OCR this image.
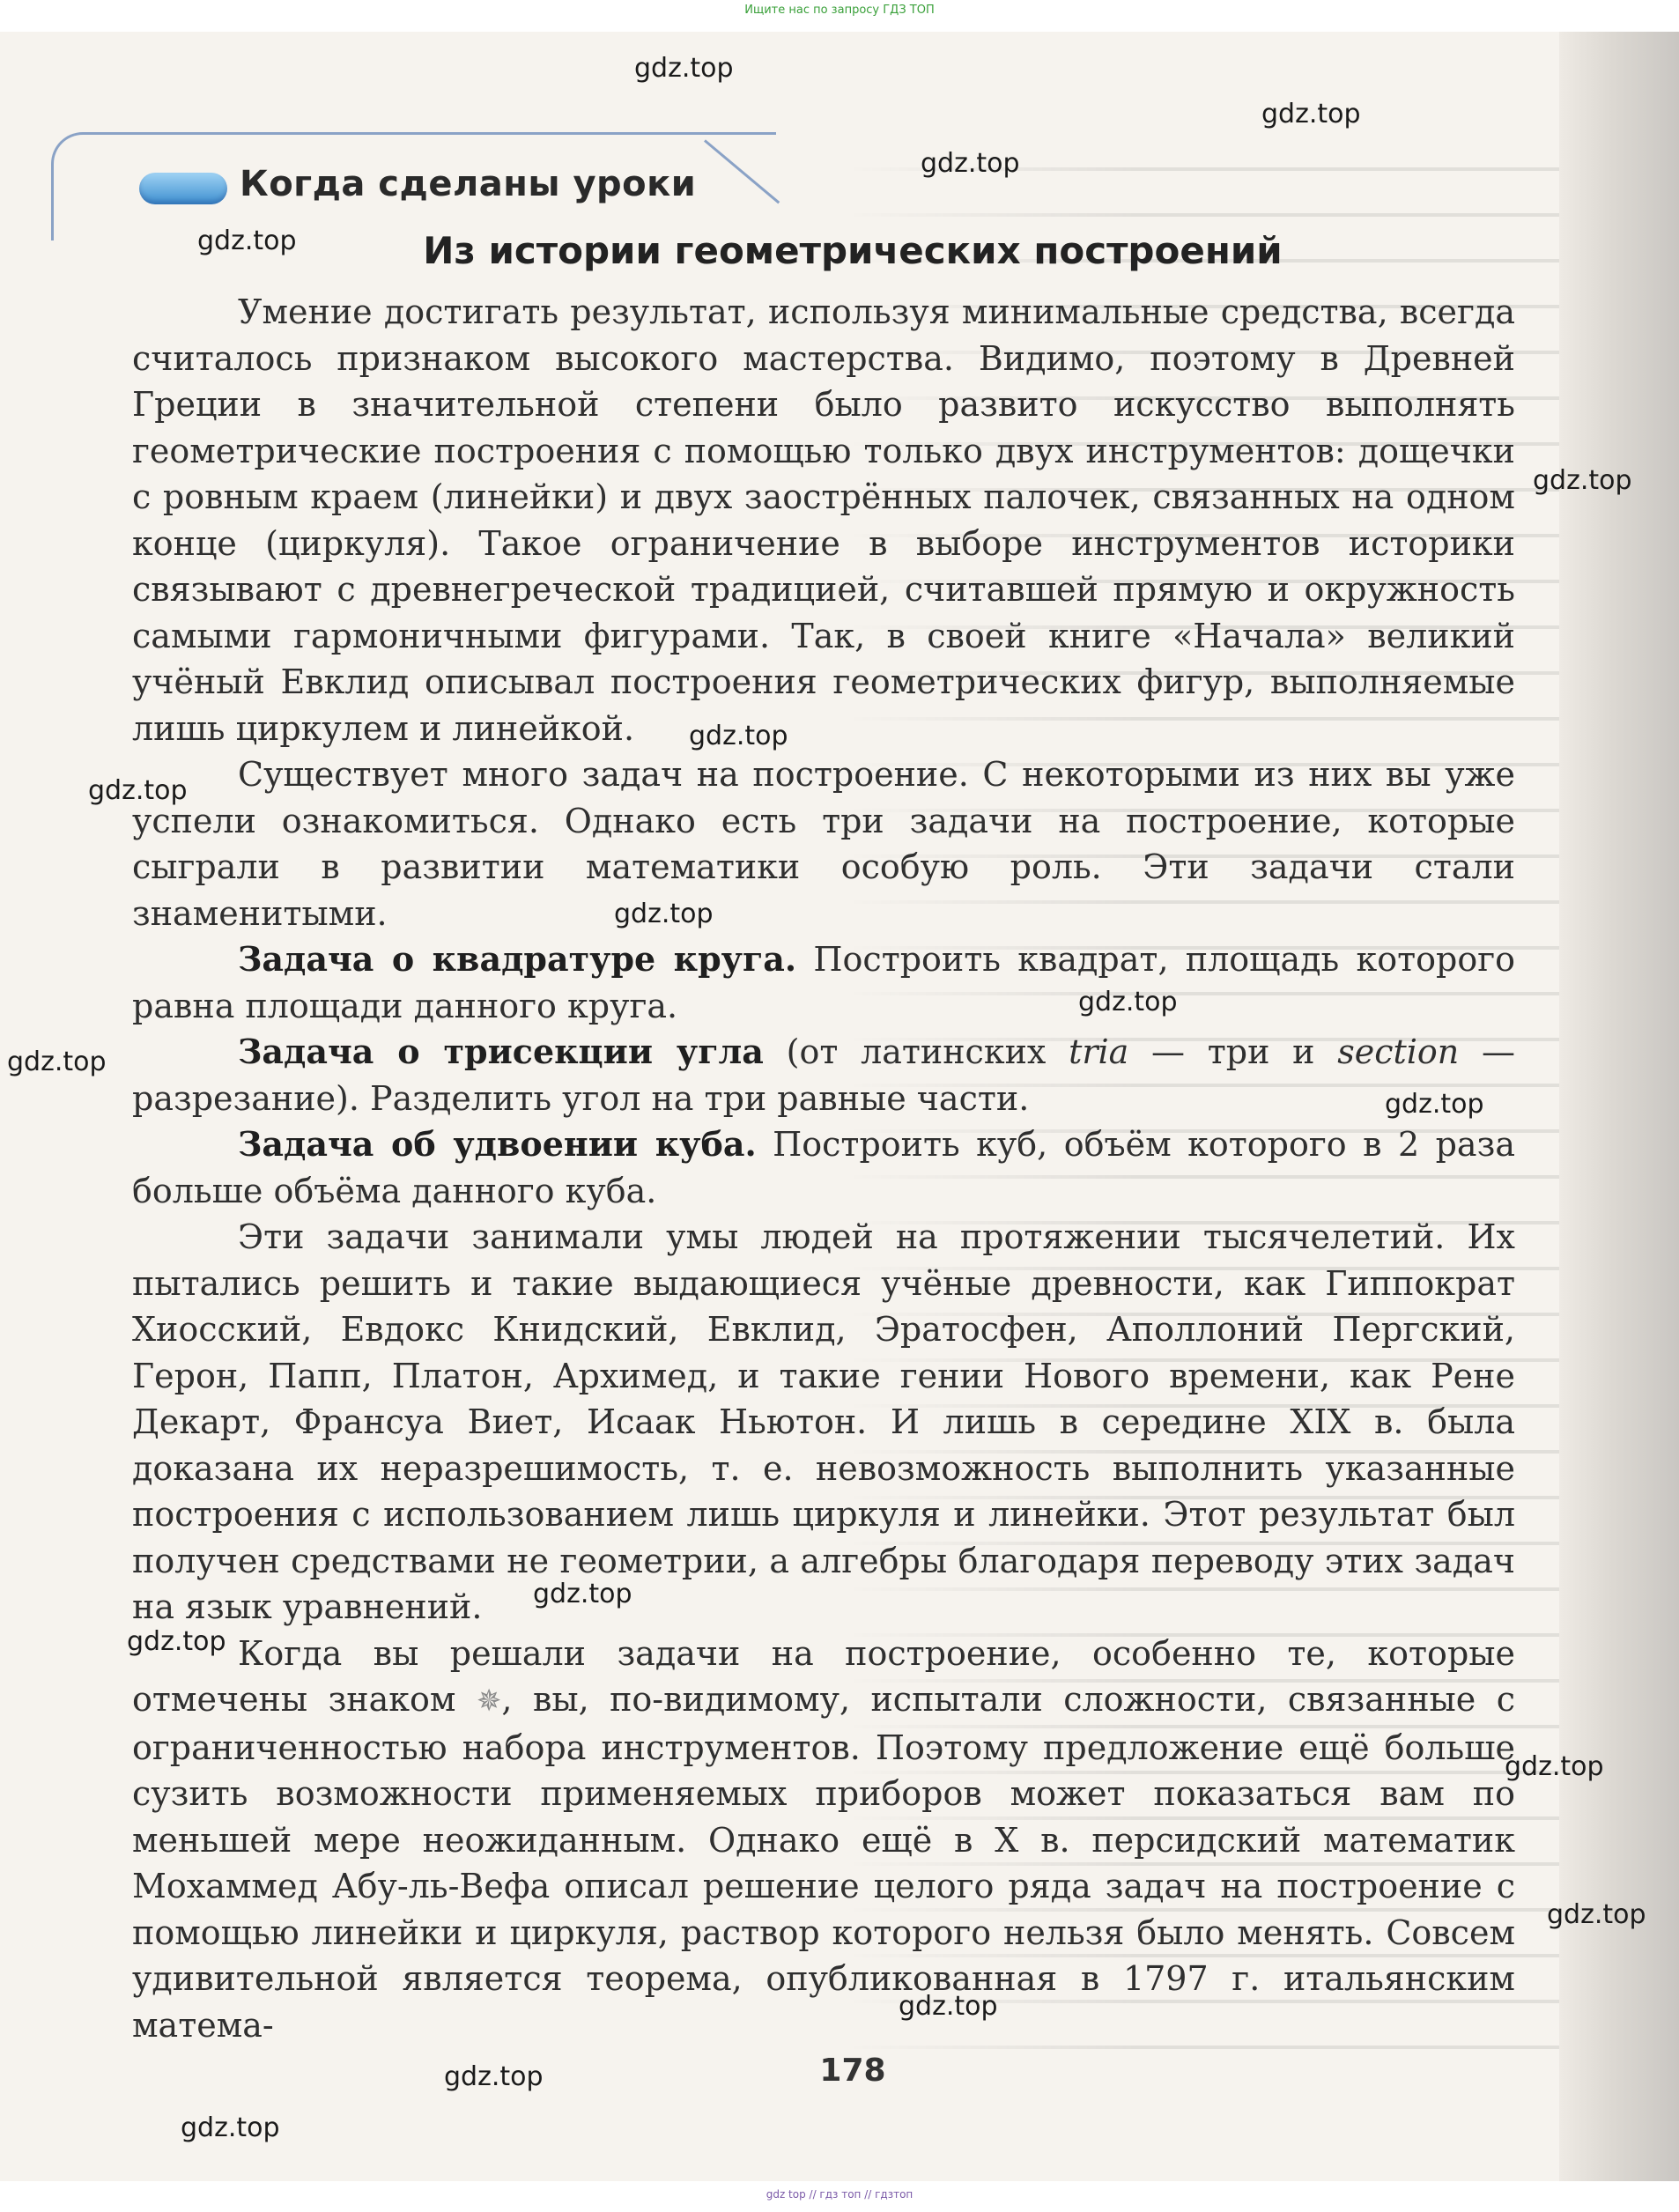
Ищите нас по запросу ГДЗ ТОП
Когда сделаны уроки
Из истории геометрических построений

Умение достигать результат, используя минимальные средства, всегда считалось признаком высокого мастерства. Видимо, поэтому в Древней Греции в значительной степени было развито искусство выполнять геометрические построения с помощью только двух инструментов: дощечки с ровным краем (линейки) и двух заострённых палочек, связанных на одном конце (циркуля). Такое ограничение в выборе инструментов историки связывают с древнегреческой традицией, считавшей прямую и окружность самыми гармоничными фигурами. Так, в своей книге «Начала» великий учёный Евклид описывал построения геометрических фигур, выполняемые лишь циркулем и линейкой.

Существует много задач на построение. С некоторыми из них вы уже успели ознакомиться. Однако есть три задачи на построение, которые сыграли в развитии математики особую роль. Эти задачи стали знаменитыми.

Задача о квадратуре круга. Построить квадрат, площадь которого равна площади данного круга.

Задача о трисекции угла (от латинских tria — три и section — разрезание). Разделить угол на три равные части.

Задача об удвоении куба. Построить куб, объём которого в 2 раза больше объёма данного куба.

Эти задачи занимали умы людей на протяжении тысячелетий. Их пытались решить и такие выдающиеся учёные древности, как Гиппократ Хиосский, Евдокс Книдский, Евклид, Эратосфен, Аполлоний Пергский, Герон, Папп, Платон, Архимед, и такие гении Нового времени, как Рене Декарт, Франсуа Виет, Исаак Ньютон. И лишь в середине XIX в. была доказана их неразрешимость, т. е. невозможность выполнить указанные построения с использованием лишь циркуля и линейки. Этот результат был получен средствами не геометрии, а алгебры благодаря переводу этих задач на язык уравнений.

Когда вы решали задачи на построение, особенно те, которые отмечены знаком ✵, вы, по-видимому, испытали сложности, связанные с ограниченностью набора инструментов. Поэтому предложение ещё больше сузить возможности применяемых приборов может показаться вам по меньшей мере неожиданным. Однако ещё в X в. персидский математик Мохаммед Абу-ль-Вефа описал решение целого ряда задач на построение с помощью линейки и циркуля, раствор которого нельзя было менять. Совсем удивительной является теорема, опубликованная в 1797 г. итальянским матема-

178
gdz.top
gdz.top
gdz.top
gdz.top
gdz.top
gdz.top
gdz.top
gdz.top
gdz.top
gdz.top
gdz.top
gdz.top
gdz.top
gdz.top
gdz.top
gdz.top
gdz.top
gdz.top
gdz top // гдз топ // гдзтоп
